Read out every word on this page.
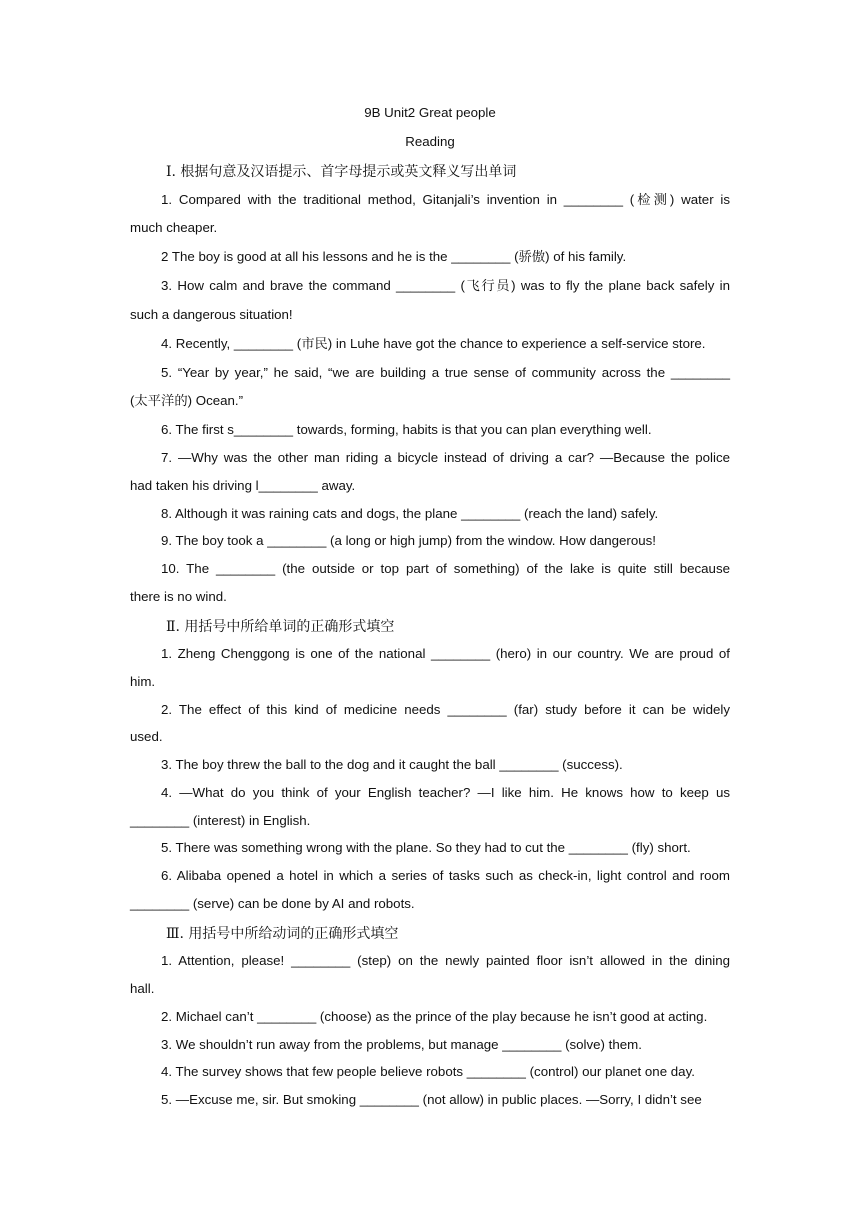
9B Unit2 Great people
Reading
Ⅰ. 根据句意及汉语提示、首字母提示或英文释义写出单词
1. Compared with the traditional method, Gitanjali’s invention in ________ (检测) water is
much cheaper.
2 The boy is good at all his lessons and he is the ________ (骄傲) of his family.
3. How calm and brave the command ________ (飞行员) was to fly the plane back safely in
such a dangerous situation!
4. Recently, ________ (市民) in Luhe have got the chance to experience a self-service store.
5. “Year by year,” he said, “we are building a true sense of community across the ________
(太平洋的) Ocean.”
6. The first s________ towards, forming, habits is that you can plan everything well.
7. —Why was the other man riding a bicycle instead of driving a car? —Because the police
had taken his driving l________ away.
8. Although it was raining cats and dogs, the plane ________ (reach the land) safely.
9. The boy took a ________ (a long or high jump) from the window. How dangerous!
10. The ________ (the outside or top part of something) of the lake is quite still because
there is no wind.
Ⅱ. 用括号中所给单词的正确形式填空
1. Zheng Chenggong is one of the national ________ (hero) in our country. We are proud of
him.
2. The effect of this kind of medicine needs ________ (far) study before it can be widely
used.
3. The boy threw the ball to the dog and it caught the ball ________ (success).
4. —What do you think of your English teacher? —I like him. He knows how to keep us
________ (interest) in English.
5. There was something wrong with the plane. So they had to cut the ________ (fly) short.
6. Alibaba opened a hotel in which a series of tasks such as check-in, light control and room
________ (serve) can be done by AI and robots.
Ⅲ. 用括号中所给动词的正确形式填空
1. Attention, please! ________ (step) on the newly painted floor isn’t allowed in the dining
hall.
2. Michael can’t ________ (choose) as the prince of the play because he isn’t good at acting.
3. We shouldn’t run away from the problems, but manage ________ (solve) them.
4. The survey shows that few people believe robots ________ (control) our planet one day.
5. —Excuse me, sir. But smoking ________ (not allow) in public places. —Sorry, I didn’t see
